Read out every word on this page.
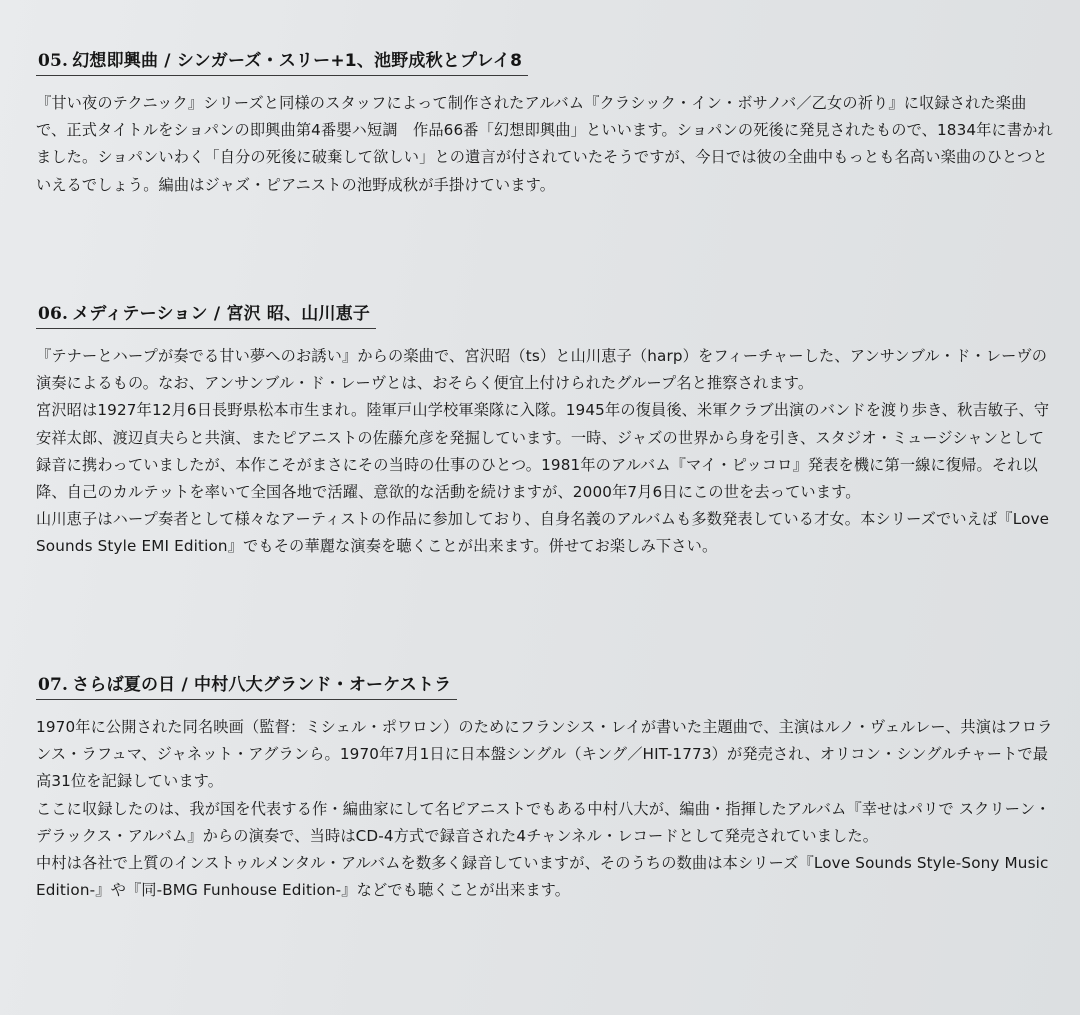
05. 幻想即興曲 / シンガーズ・スリー+1、池野成秋とプレイ8

『甘い夜のテクニック』シリーズと同様のスタッフによって制作されたアルバム『クラシック・イン・ボサノバ／乙女の祈り』に収録された楽曲で、正式タイトルをショパンの即興曲第4番嬰ハ短調　作品66番「幻想即興曲」といいます。ショパンの死後に発見されたもので、1834年に書かれました。ショパンいわく「自分の死後に破棄して欲しい」との遺言が付されていたそうですが、今日では彼の全曲中もっとも名高い楽曲のひとつといえるでしょう。編曲はジャズ・ピアニストの池野成秋が手掛けています。

06. メディテーション / 宮沢 昭、山川恵子

『テナーとハープが奏でる甘い夢へのお誘い』からの楽曲で、宮沢昭（ts）と山川恵子（harp）をフィーチャーした、アンサンブル・ド・レーヴの演奏によるもの。なお、アンサンブル・ド・レーヴとは、おそらく便宜上付けられたグループ名と推察されます。

宮沢昭は1927年12月6日長野県松本市生まれ。陸軍戸山学校軍楽隊に入隊。1945年の復員後、米軍クラブ出演のバンドを渡り歩き、秋吉敏子、守安祥太郎、渡辺貞夫らと共演、またピアニストの佐藤允彦を発掘しています。一時、ジャズの世界から身を引き、スタジオ・ミュージシャンとして録音に携わっていましたが、本作こそがまさにその当時の仕事のひとつ。1981年のアルバム『マイ・ピッコロ』発表を機に第一線に復帰。それ以降、自己のカルテットを率いて全国各地で活躍、意欲的な活動を続けますが、2000年7月6日にこの世を去っています。

山川恵子はハープ奏者として様々なアーティストの作品に参加しており、自身名義のアルバムも多数発表している才女。本シリーズでいえば『Love Sounds Style EMI Edition』でもその華麗な演奏を聴くことが出来ます。併せてお楽しみ下さい。

07. さらば夏の日 / 中村八大グランド・オーケストラ

1970年に公開された同名映画（監督：ミシェル・ポワロン）のためにフランシス・レイが書いた主題曲で、主演はルノ・ヴェルレー、共演はフロランス・ラフュマ、ジャネット・アグランら。1970年7月1日に日本盤シングル（キング／HIT-1773）が発売され、オリコン・シングルチャートで最高31位を記録しています。

ここに収録したのは、我が国を代表する作・編曲家にして名ピアニストでもある中村八大が、編曲・指揮したアルバム『幸せはパリで スクリーン・デラックス・アルバム』からの演奏で、当時はCD-4方式で録音された4チャンネル・レコードとして発売されていました。

中村は各社で上質のインストゥルメンタル・アルバムを数多く録音していますが、そのうちの数曲は本シリーズ『Love Sounds Style-Sony Music Edition-』や『同-BMG Funhouse Edition-』などでも聴くことが出来ます。
